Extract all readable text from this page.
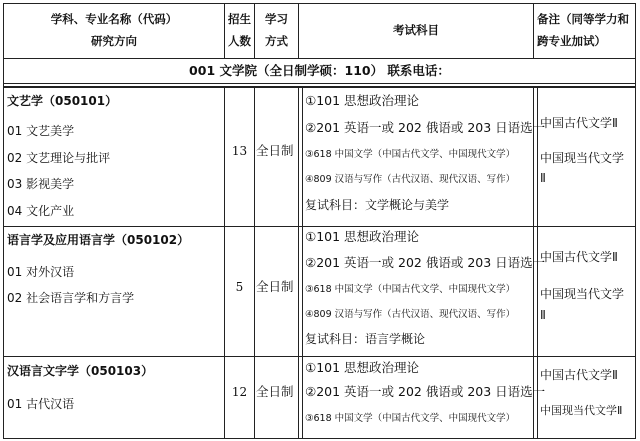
学科、专业名称（代码）
研究方向
招生
人数
学习
方式
考试科目
备注（同等学力和
跨专业加试）
001 文学院（全日制学硕：110） 联系电话：
文艺学（050101）
01 文艺美学
02 文艺理论与批评
03 影视美学
04 文化产业
13 全日制
①101 思想政治理论
②201 英语一或 202 俄语或 203 日语选一
③618 中国文学（中国古代文学、中国现代文学）
④809 汉语与写作（古代汉语、现代汉语、写作）
复试科目：文学概论与美学
中国古代文学Ⅱ
中国现当代文学
Ⅱ
语言学及应用语言学（050102）
01 对外汉语
02 社会语言学和方言学
5	全日制
①101 思想政治理论
②201 英语一或 202 俄语或 203 日语选一
③618 中国文学（中国古代文学、中国现代文学）
④809 汉语与写作（古代汉语、现代汉语、写作）
复试科目：语言学概论
中国古代文学Ⅱ
中国现当代文学
Ⅱ
汉语言文字学（050103）
01 古代汉语
12 全日制
①101 思想政治理论
②201 英语一或 202 俄语或 203 日语选一
③618 中国文学（中国古代文学、中国现代文学）
中国古代文学Ⅱ
中国现当代文学Ⅱ
